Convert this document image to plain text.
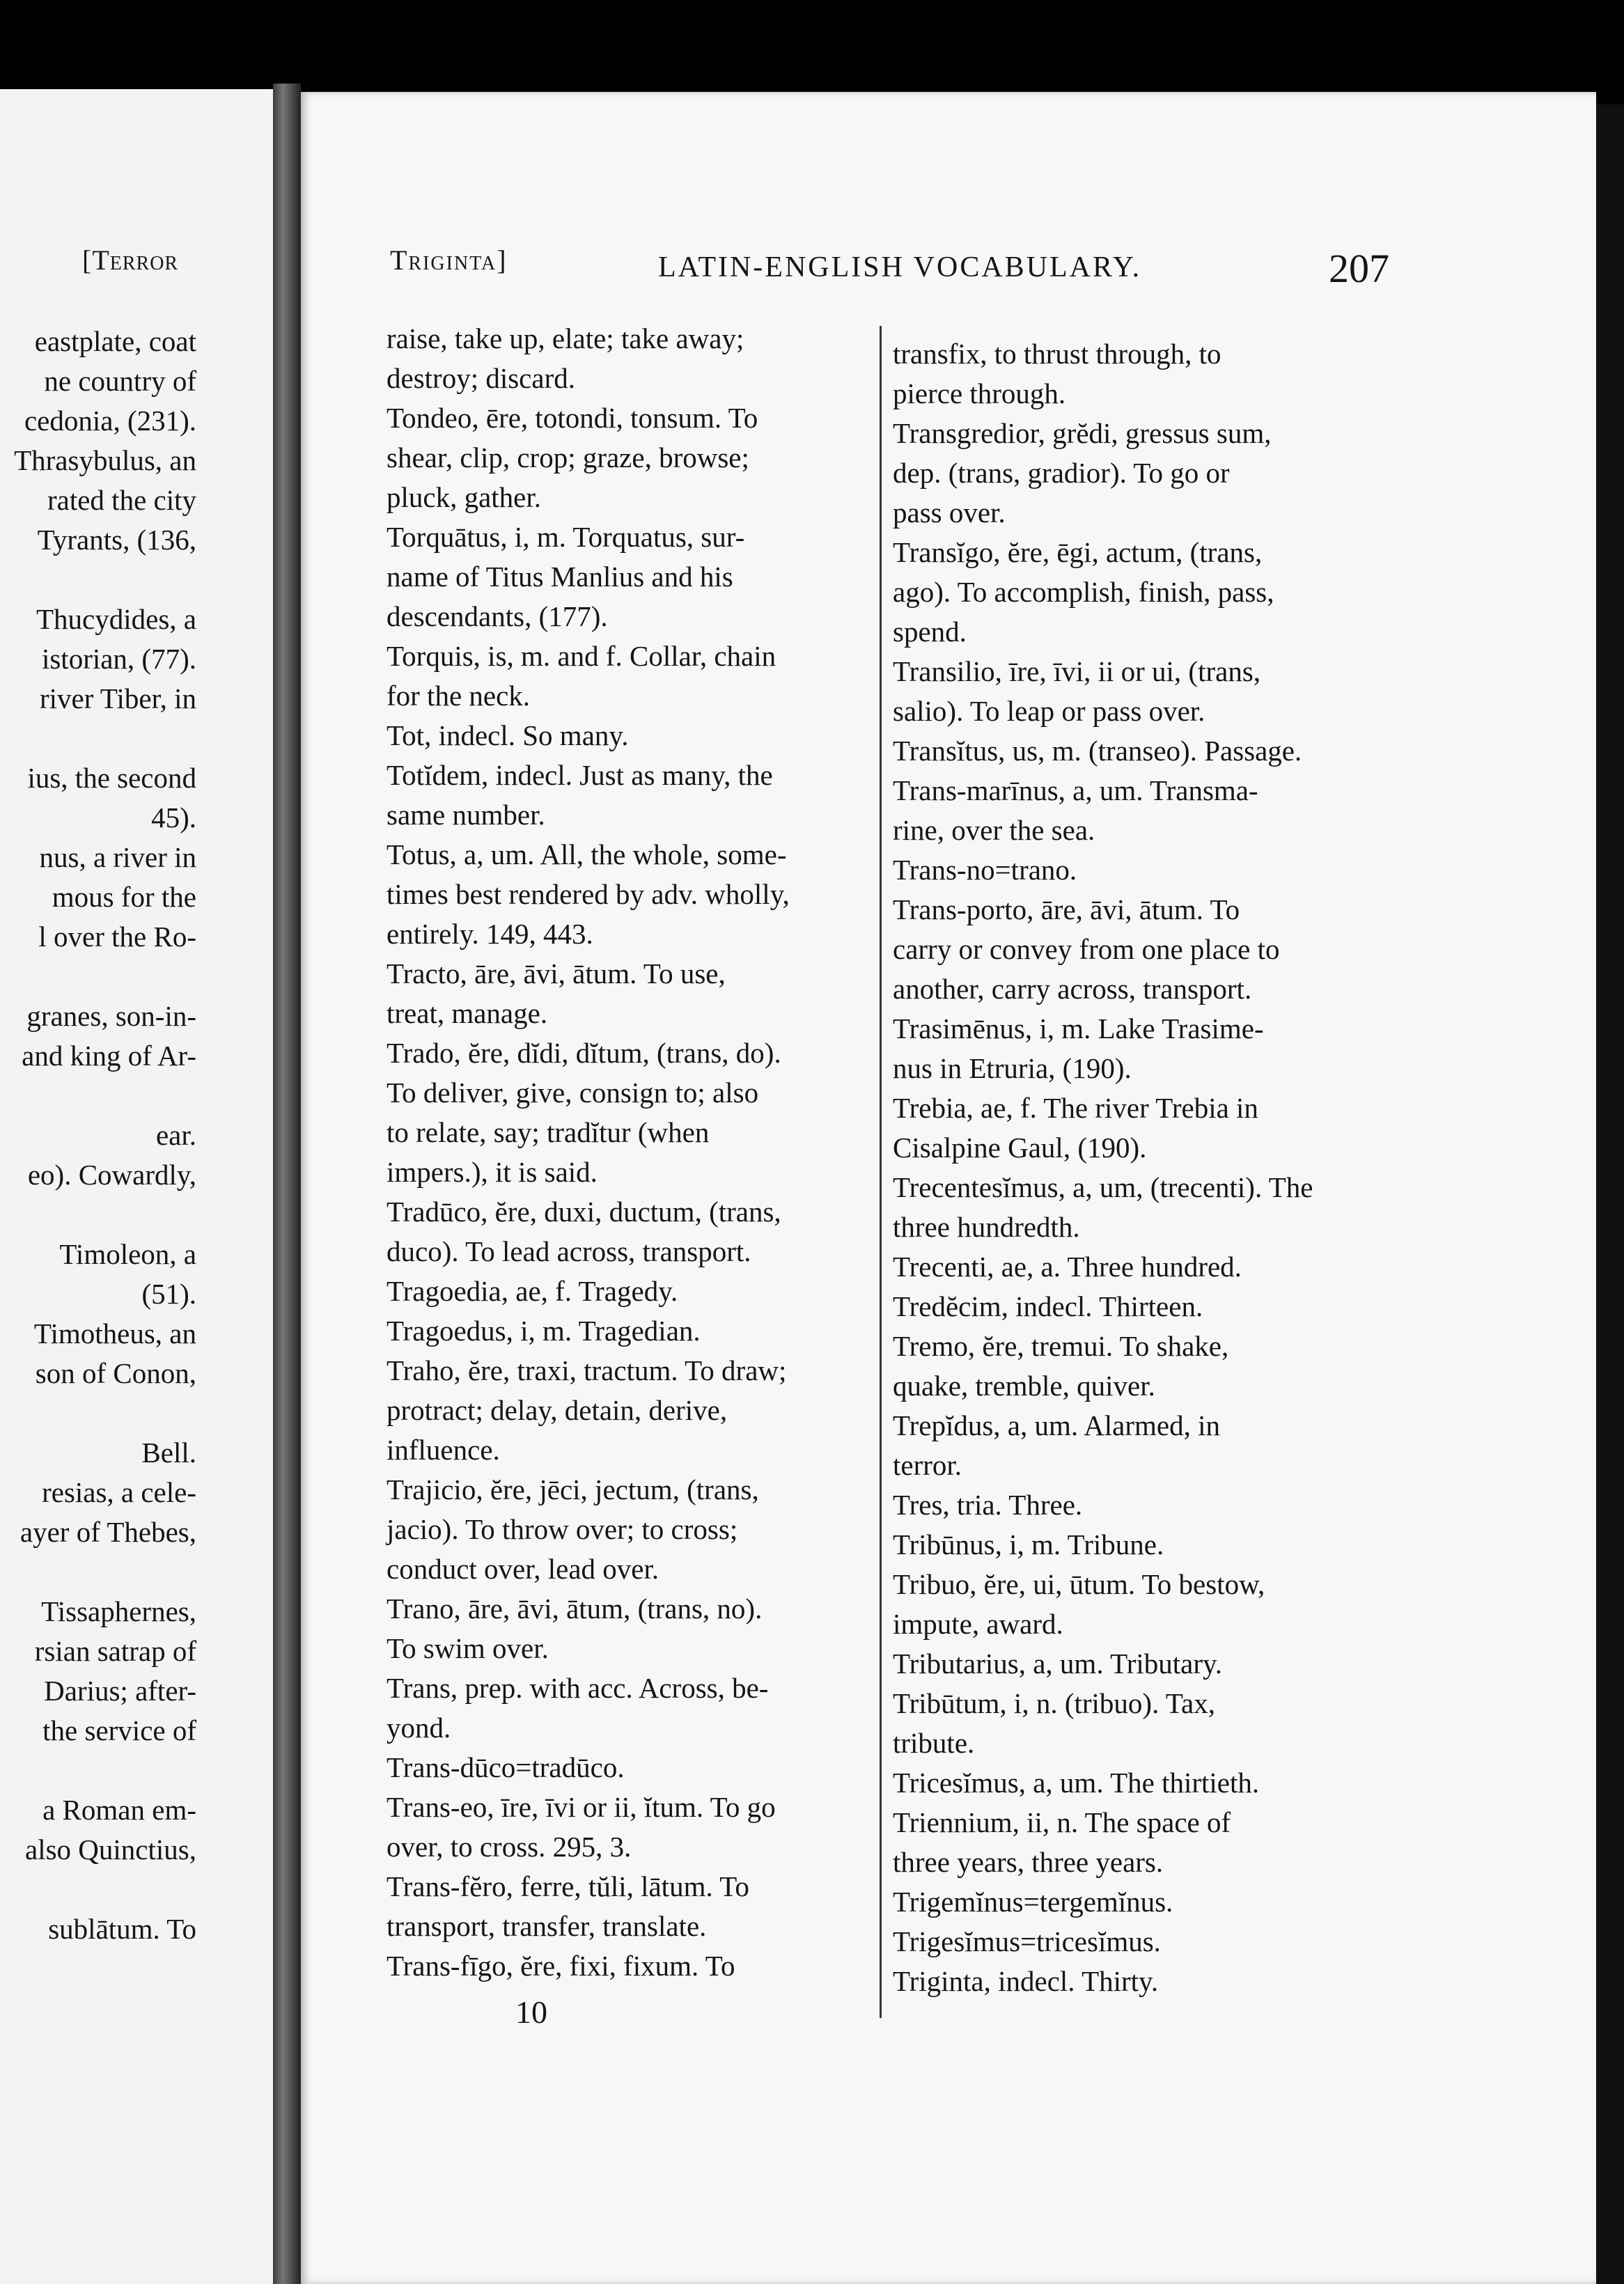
[Terror

eastplate, coat

ne country of

cedonia, (231).

Thrasybulus, an

rated the city

Tyrants, (136,

Thucydides, a

istorian, (77).

river Tiber, in

ius, the second

45).

nus, a river in

mous for the

l over the Ro-

granes, son-in-

and king of Ar-

ear.

eo). Cowardly,

Timoleon, a

(51).

Timotheus, an

son of Conon,

Bell.

resias, a cele-

ayer of Thebes,

Tissaphernes,

rsian satrap of

Darius; after-

the service of

a Roman em-

also Quinctius,

sublātum. To

Triginta]	LATIN-ENGLISH VOCABULARY.	207

raise, take up, elate; take away;

destroy; discard.

Tondeo, ēre, totondi, tonsum. To

shear, clip, crop; graze, browse;

pluck, gather.

Torquātus, i, m. Torquatus, sur-

name of Titus Manlius and his

descendants, (177).

Torquis, is, m. and f. Collar, chain

for the neck.

Tot, indecl. So many.

Totĭdem, indecl. Just as many, the

same number.

Totus, a, um. All, the whole, some-

times best rendered by adv. wholly,

entirely. 149, 443.

Tracto, āre, āvi, ātum. To use,

treat, manage.

Trado, ĕre, dĭdi, dĭtum, (trans, do).

To deliver, give, consign to; also

to relate, say; tradĭtur (when

impers.), it is said.

Tradūco, ĕre, duxi, ductum, (trans,

duco). To lead across, transport.

Tragoedia, ae, f. Tragedy.

Tragoedus, i, m. Tragedian.

Traho, ĕre, traxi, tractum. To draw;

protract; delay, detain, derive,

influence.

Trajicio, ĕre, jēci, jectum, (trans,

jacio). To throw over; to cross;

conduct over, lead over.

Trano, āre, āvi, ātum, (trans, no).

To swim over.

Trans, prep. with acc. Across, be-

yond.

Trans-dūco=tradūco.

Trans-eo, īre, īvi or ii, ĭtum. To go

over, to cross. 295, 3.

Trans-fĕro, ferre, tŭli, lātum. To

transport, transfer, translate.

Trans-fīgo, ĕre, fixi, fixum. To

transfix, to thrust through, to

pierce through.

Transgredior, grĕdi, gressus sum,

dep. (trans, gradior). To go or

pass over.

Transĭgo, ĕre, ēgi, actum, (trans,

ago). To accomplish, finish, pass,

spend.

Transilio, īre, īvi, ii or ui, (trans,

salio). To leap or pass over.

Transĭtus, us, m. (transeo). Passage.

Trans-marīnus, a, um. Transma-

rine, over the sea.

Trans-no=trano.

Trans-porto, āre, āvi, ātum. To

carry or convey from one place to

another, carry across, transport.

Trasimēnus, i, m. Lake Trasime-

nus in Etruria, (190).

Trebia, ae, f. The river Trebia in

Cisalpine Gaul, (190).

Trecentesĭmus, a, um, (trecenti). The

three hundredth.

Trecenti, ae, a. Three hundred.

Tredĕcim, indecl. Thirteen.

Tremo, ĕre, tremui. To shake,

quake, tremble, quiver.

Trepĭdus, a, um. Alarmed, in

terror.

Tres, tria. Three.

Tribūnus, i, m. Tribune.

Tribuo, ĕre, ui, ūtum. To bestow,

impute, award.

Tributarius, a, um. Tributary.

Tribūtum, i, n. (tribuo). Tax,

tribute.

Tricesĭmus, a, um. The thirtieth.

Triennium, ii, n. The space of

three years, three years.

Trigemĭnus=tergemĭnus.

Trigesĭmus=tricesĭmus.

Triginta, indecl. Thirty.

10
